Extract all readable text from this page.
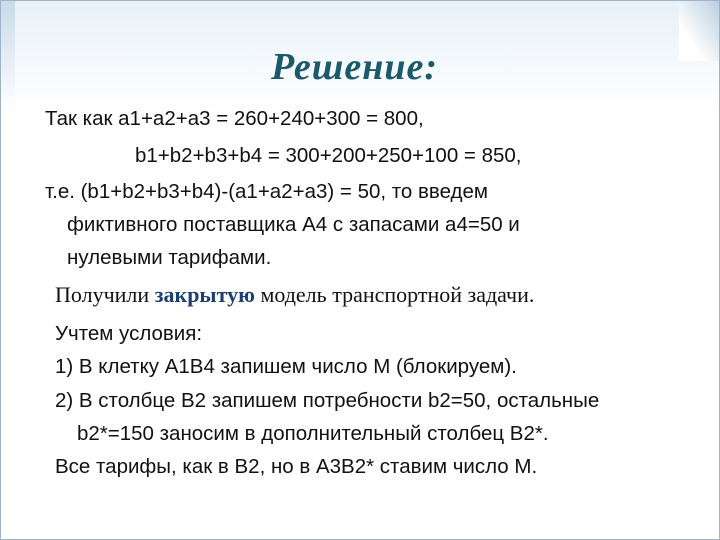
Решение:
Так как а1+а2+а3 = 260+240+300 = 800,
b1+b2+b3+b4 = 300+200+250+100 = 850,
т.е. (b1+b2+b3+b4)-(а1+а2+а3) = 50, то введем
фиктивного поставщика А4 с запасами а4=50 и
нулевыми тарифами.
Получили закрытую модель транспортной задачи.
Учтем условия:
1) В клетку А1В4 запишем число М (блокируем).
2) В столбце В2 запишем потребности b2=50, остальные
b2*=150 заносим в дополнительный столбец В2*.
Все тарифы, как в В2, но в А3В2* ставим число М.
